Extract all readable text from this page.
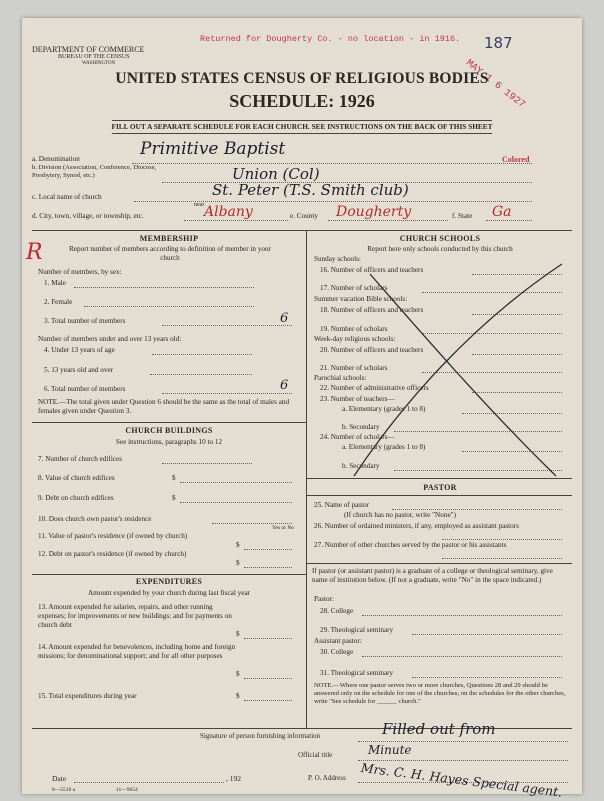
Returned for Dougherty Co. - no location - in 1916. 187
MAY 1 6 1927
Colored
R
DEPARTMENT OF COMMERCE
BUREAU OF THE CENSUS
WASHINGTON
UNITED STATES CENSUS OF RELIGIOUS BODIES
SCHEDULE: 1926
FILL OUT A SEPARATE SCHEDULE FOR EACH CHURCH. SEE INSTRUCTIONS ON THE BACK OF THIS SHEET
a. Denomination	Primitive Baptist
b. Division (Association, Conference, Diocese, Presbytery, Synod, etc.)	Union (Col)
c. Local name of church	St. Peter (T.S. Smith club)
d. City, town, village, or township, etc.
near Albany	e. County Dougherty	f. State Ga
MEMBERSHIP
Report number of members according to definition of member in your church
Number of members, by sex:
1. Male
2. Female
3. Total number of members	6
Number of members under and over 13 years old:
4. Under 13 years of age
5. 13 years old and over
6. Total number of members	6
NOTE.—The total given under Question 6 should be the same as the total of males and females given under Question 3.
CHURCH BUILDINGS
See instructions, paragraphs 10 to 12
7. Number of church edifices
8. Value of church edifices	$
9. Debt on church edifices	$
10. Does church own pastor's residence
Yes or No
11. Value of pastor's residence (if owned by church)
$
12. Debt on pastor's residence (if owned by church)
$
EXPENDITURES
Amount expended by your church during last fiscal year
13. Amount expended for salaries, repairs, and other running expenses; for improvements or new buildings; and for payments on church debt
$
14. Amount expended for benevolences, including home and foreign missions; for denominational support; and for all other purposes
$
15. Total expenditures during year	$
CHURCH SCHOOLS
Report here only schools conducted by this church
Sunday schools:
16. Number of officers and teachers
17. Number of scholars
Summer vacation Bible schools:
18. Number of officers and teachers
19. Number of scholars
Week-day religious schools:
20. Number of officers and teachers
21. Number of scholars
Parochial schools:
22. Number of administrative officers
23. Number of teachers—
a. Elementary (grades 1 to 8)
b. Secondary
24. Number of scholars—
a. Elementary (grades 1 to 8)
b. Secondary
PASTOR
25. Name of pastor
(If church has no pastor, write "None")
26. Number of ordained ministers, if any, employed as assistant pastors
27. Number of other churches served by the pastor or his assistants
If pastor (or assistant pastor) is a graduate of a college or theological seminary, give name of institution below. (If not a graduate, write "No" in the space indicated.)
Pastor:
28. College
29. Theological seminary
Assistant pastor:
30. College
31. Theological seminary
NOTE.—Where one pastor serves two or more churches, Questions 28 and 29 should be answered only on the schedule for one of the churches; on the schedules for the other churches, write "See schedule for ______ church."
Signature of person furnishing information	Filled out from
Official title	Minute
Date	, 192	P. O. Address Mrs. C. H. Hayes Special agent.
8—5518 a	11—9654
